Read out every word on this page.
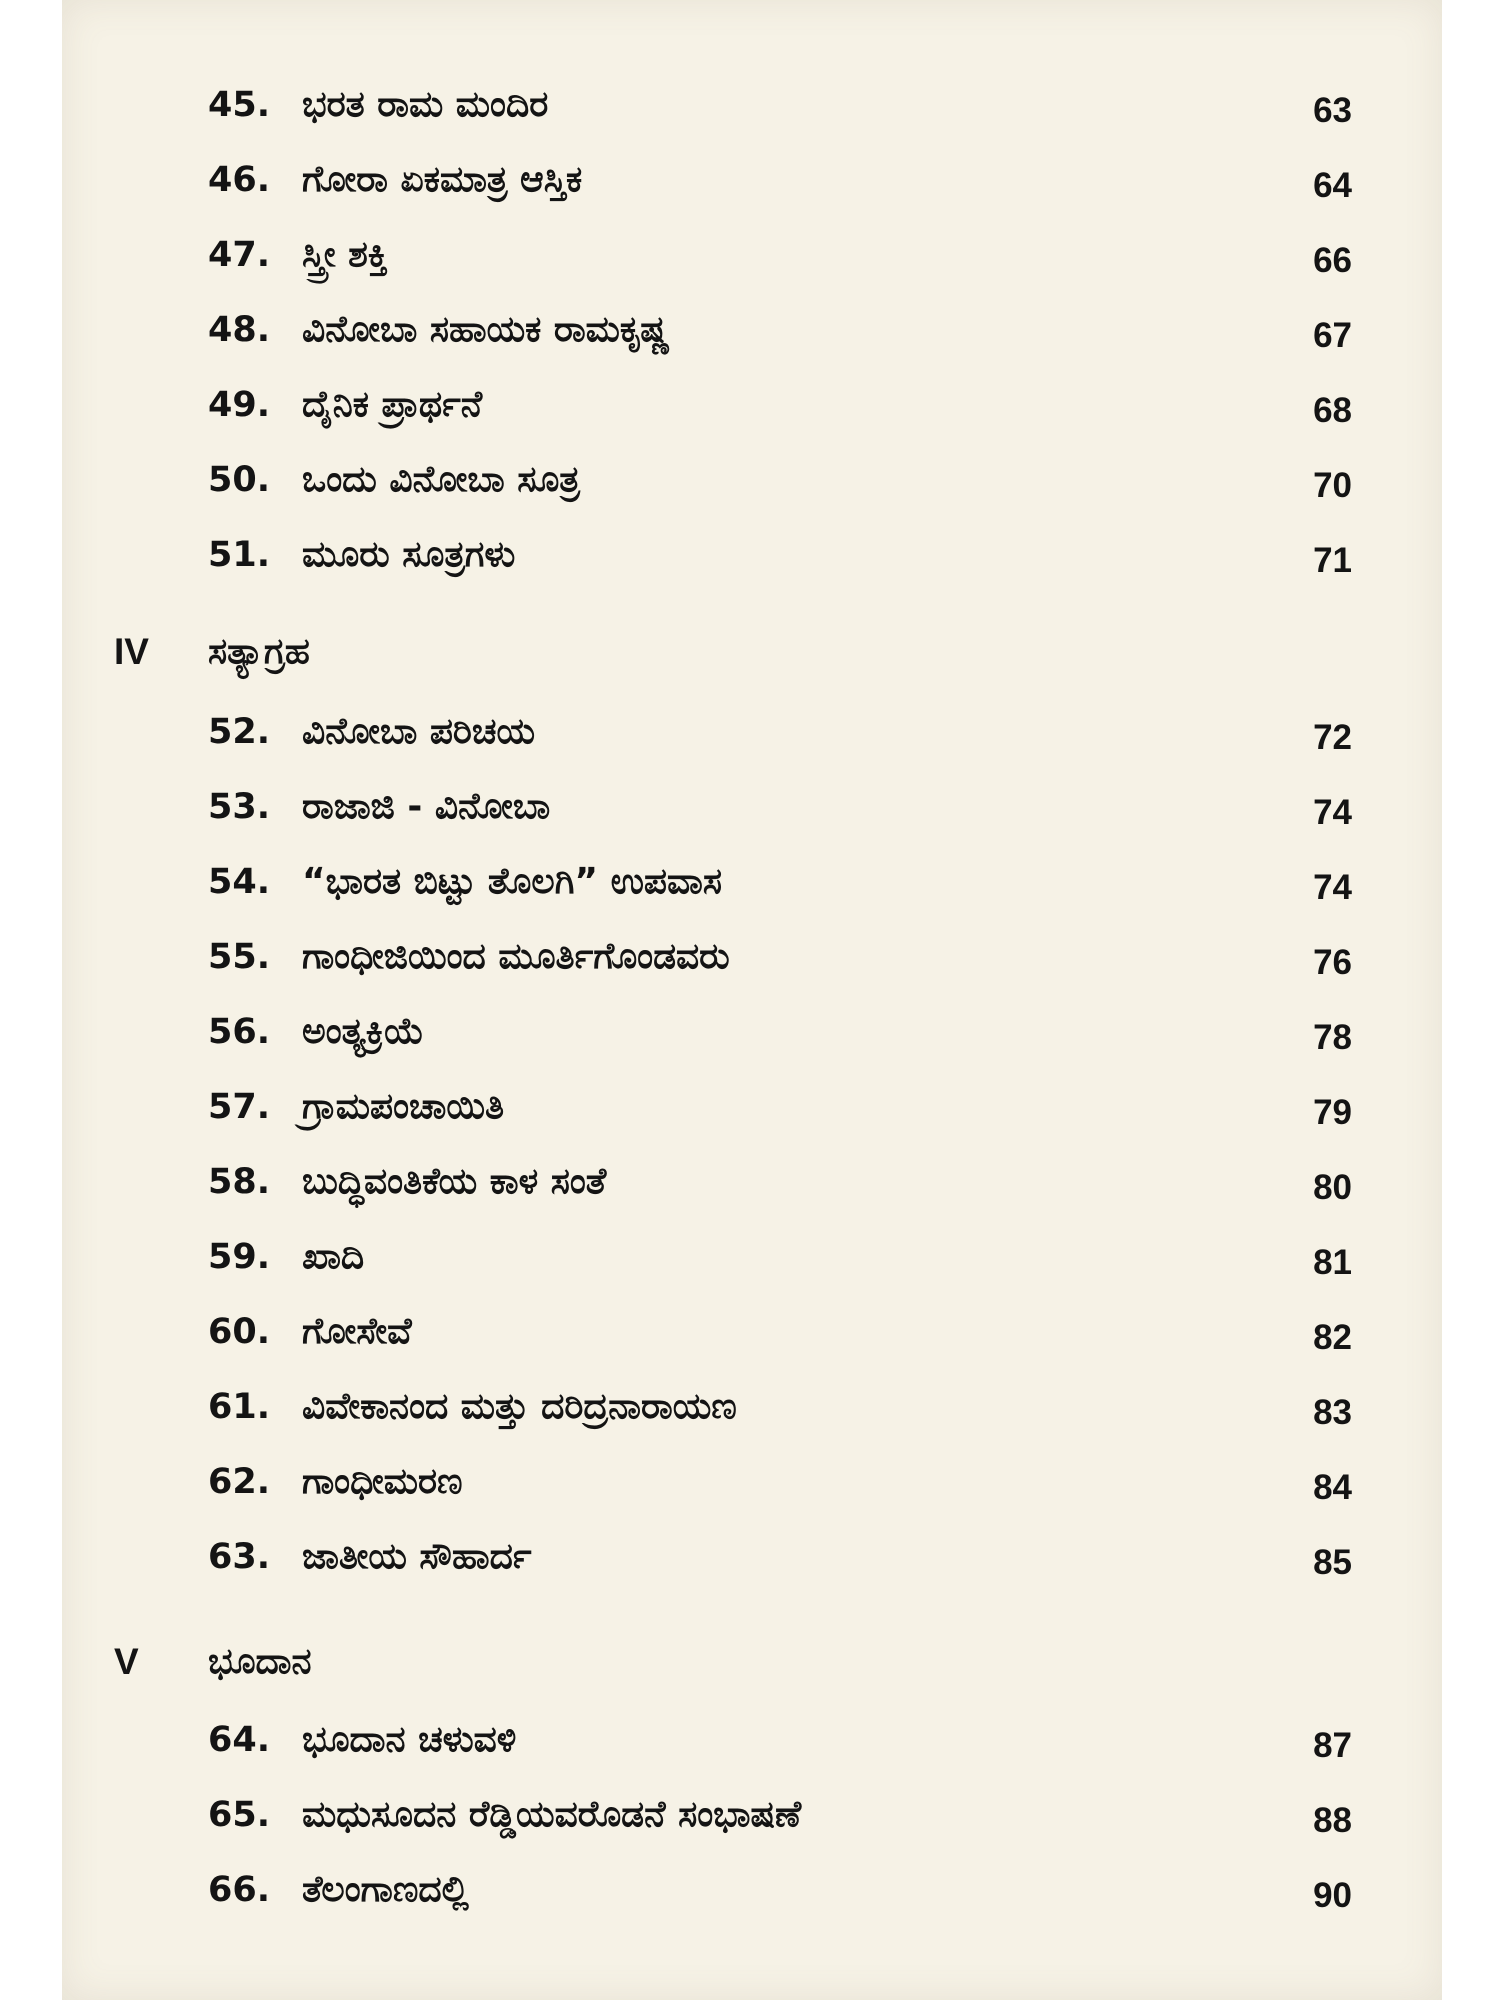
45. ಭರತ ರಾಮ ಮಂದಿರ	63
46. ಗೋರಾ ಏಕಮಾತ್ರ ಆಸ್ತಿಕ	64
47. ಸ್ತ್ರೀ ಶಕ್ತಿ	66
48. ವಿನೋಬಾ ಸಹಾಯಕ ರಾಮಕೃಷ್ಣ	67
49. ದೈನಿಕ ಪ್ರಾರ್ಥನೆ	68
50. ಒಂದು ವಿನೋಬಾ ಸೂತ್ರ	70
51. ಮೂರು ಸೂತ್ರಗಳು	71
IV ಸತ್ಯಾಗ್ರಹ
52. ವಿನೋಬಾ ಪರಿಚಯ	72
53. ರಾಜಾಜಿ - ವಿನೋಬಾ	74
54. “ಭಾರತ ಬಿಟ್ಟು ತೊಲಗಿ” ಉಪವಾಸ	74
55. ಗಾಂಧೀಜಿಯಿಂದ ಮೂರ್ತಿಗೊಂಡವರು	76
56. ಅಂತ್ಯಕ್ರಿಯೆ	78
57. ಗ್ರಾಮಪಂಚಾಯಿತಿ	79
58. ಬುದ್ಧಿವಂತಿಕೆಯ ಕಾಳ ಸಂತೆ	80
59. ಖಾದಿ	81
60. ಗೋಸೇವೆ	82
61. ವಿವೇಕಾನಂದ ಮತ್ತು ದರಿದ್ರನಾರಾಯಣ	83
62. ಗಾಂಧೀಮರಣ	84
63. ಜಾತೀಯ ಸೌಹಾರ್ದ	85
V ಭೂದಾನ
64. ಭೂದಾನ ಚಳುವಳಿ	87
65. ಮಧುಸೂದನ ರೆಡ್ಡಿಯವರೊಡನೆ ಸಂಭಾಷಣೆ	88
66. ತೆಲಂಗಾಣದಲ್ಲಿ	90
